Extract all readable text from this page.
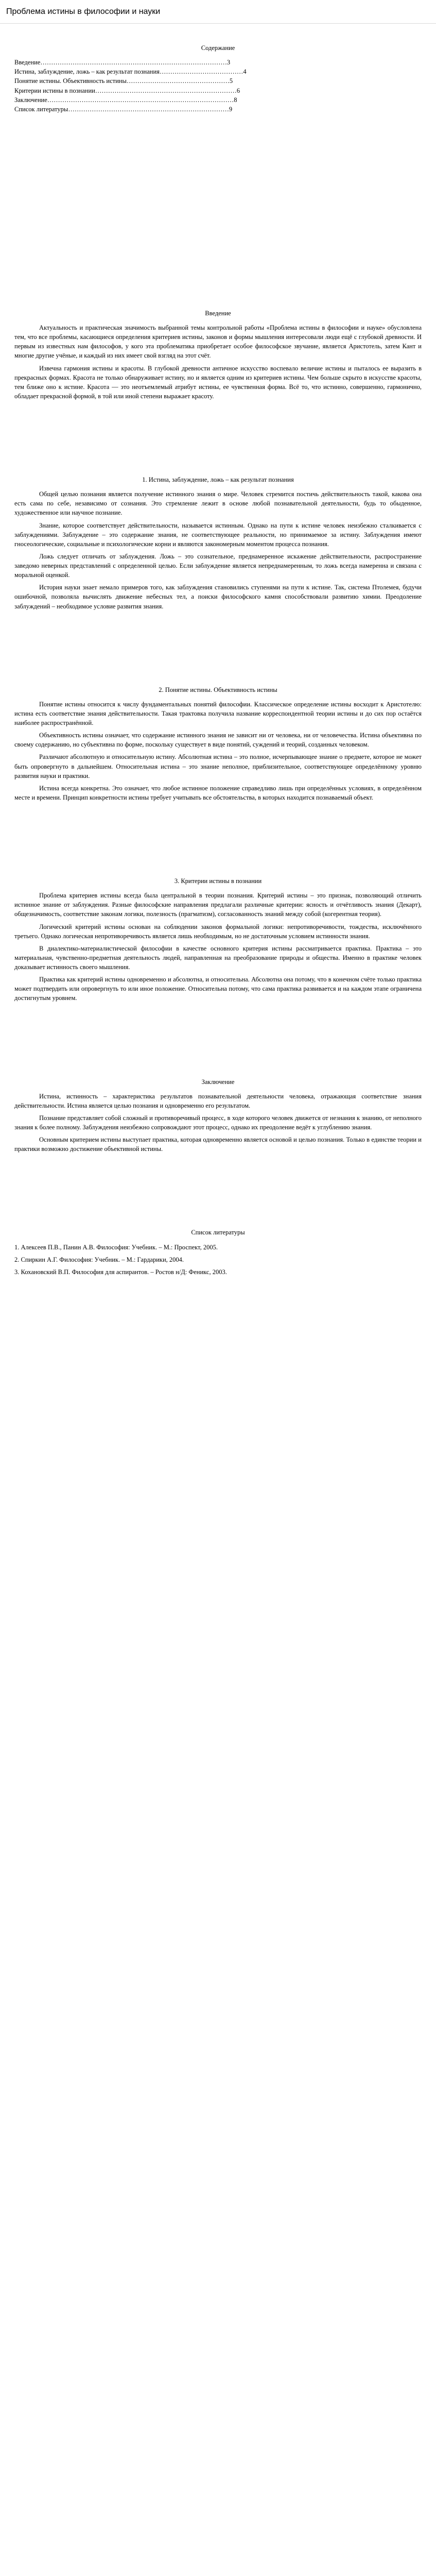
Проблема истины в философии и науки
Содержание
Введение …………………………………………………………………………… 3
Истина, заблуждение, ложь – как результат познания ………………………………… 4
Понятие истины. Объективность истины ………………………………………… 5
Критерии истины в познании ………………………………………………………… 6
Заключение …………………………………………………………………………… 8
Список литературы ………………………………………………………………… 9
Введение

Актуальность и практическая значимость выбранной темы контрольной работы «Проблема истины в философии и науке» обусловлена тем, что все проблемы, касающиеся определения критериев истины, законов и формы мышления интересовали люди ещё с глубокой древности. И первым из известных нам философов, у кого эта проблематика приобретает особое философское звучание, является Аристотель, затем Кант и многие другие учёные, и каждый из них имеет свой взгляд на этот счёт.

Извечна гармония истины и красоты. В глубокой древности античное искусство воспевало величие истины и пыталось ее выразить в прекрасных формах. Красота не только обнаруживает истину, но и является одним из критериев истины. Чем больше скрыто в искусстве красоты, тем ближе оно к истине. Красота — это неотъемлемый атрибут истины, ее чувственная форма. Всё то, что истинно, совершенно, гармонично, обладает прекрасной формой, в той или иной степени выражает красоту.

1. Истина, заблуждение, ложь – как результат познания

Общей целью познания является получение истинного знания о мире. Человек стремится постичь действительность такой, какова она есть сама по себе, независимо от сознания. Это стремление лежит в основе любой познавательной деятельности, будь то обыденное, художественное или научное познание.

Знание, которое соответствует действительности, называется истинным. Однако на пути к истине человек неизбежно сталкивается с заблуждениями. Заблуждение – это содержание знания, не соответствующее реальности, но принимаемое за истину. Заблуждения имеют гносеологические, социальные и психологические корни и являются закономерным моментом процесса познания.

Ложь следует отличать от заблуждения. Ложь – это сознательное, преднамеренное искажение действительности, распространение заведомо неверных представлений с определенной целью. Если заблуждение является непреднамеренным, то ложь всегда намеренна и связана с моральной оценкой.

История науки знает немало примеров того, как заблуждения становились ступенями на пути к истине. Так, система Птолемея, будучи ошибочной, позволяла вычислять движение небесных тел, а поиски философского камня способствовали развитию химии. Преодоление заблуждений – необходимое условие развития знания.

2. Понятие истины. Объективность истины

Понятие истины относится к числу фундаментальных понятий философии. Классическое определение истины восходит к Аристотелю: истина есть соответствие знания действительности. Такая трактовка получила название корреспондентной теории истины и до сих пор остаётся наиболее распространённой.

Объективность истины означает, что содержание истинного знания не зависит ни от человека, ни от человечества. Истина объективна по своему содержанию, но субъективна по форме, поскольку существует в виде понятий, суждений и теорий, созданных человеком.

Различают абсолютную и относительную истину. Абсолютная истина – это полное, исчерпывающее знание о предмете, которое не может быть опровергнуто в дальнейшем. Относительная истина – это знание неполное, приблизительное, соответствующее определённому уровню развития науки и практики.

Истина всегда конкретна. Это означает, что любое истинное положение справедливо лишь при определённых условиях, в определённом месте и времени. Принцип конкретности истины требует учитывать все обстоятельства, в которых находится познаваемый объект.

3. Критерии истины в познании

Проблема критериев истины всегда была центральной в теории познания. Критерий истины – это признак, позволяющий отличить истинное знание от заблуждения. Разные философские направления предлагали различные критерии: ясность и отчётливость знания (Декарт), общезначимость, соответствие законам логики, полезность (прагматизм), согласованность знаний между собой (когерентная теория).

Логический критерий истины основан на соблюдении законов формальной логики: непротиворечивости, тождества, исключённого третьего. Однако логическая непротиворечивость является лишь необходимым, но не достаточным условием истинности знания.

В диалектико-материалистической философии в качестве основного критерия истины рассматривается практика. Практика – это материальная, чувственно-предметная деятельность людей, направленная на преобразование природы и общества. Именно в практике человек доказывает истинность своего мышления.

Практика как критерий истины одновременно и абсолютна, и относительна. Абсолютна она потому, что в конечном счёте только практика может подтвердить или опровергнуть то или иное положение. Относительна потому, что сама практика развивается и на каждом этапе ограничена достигнутым уровнем.

Заключение

Истина, истинность – характеристика результатов познавательной деятельности человека, отражающая соответствие знания действительности. Истина является целью познания и одновременно его результатом.

Познание представляет собой сложный и противоречивый процесс, в ходе которого человек движется от незнания к знанию, от неполного знания к более полному. Заблуждения неизбежно сопровождают этот процесс, однако их преодоление ведёт к углублению знания.

Основным критерием истины выступает практика, которая одновременно является основой и целью познания. Только в единстве теории и практики возможно достижение объективной истины.

Список литературы

1. Алексеев П.В., Панин А.В. Философия: Учебник. – М.: Проспект, 2005.

2. Спиркин А.Г. Философия: Учебник. – М.: Гардарики, 2004.

3. Кохановский В.П. Философия для аспирантов. – Ростов н/Д: Феникс, 2003.
